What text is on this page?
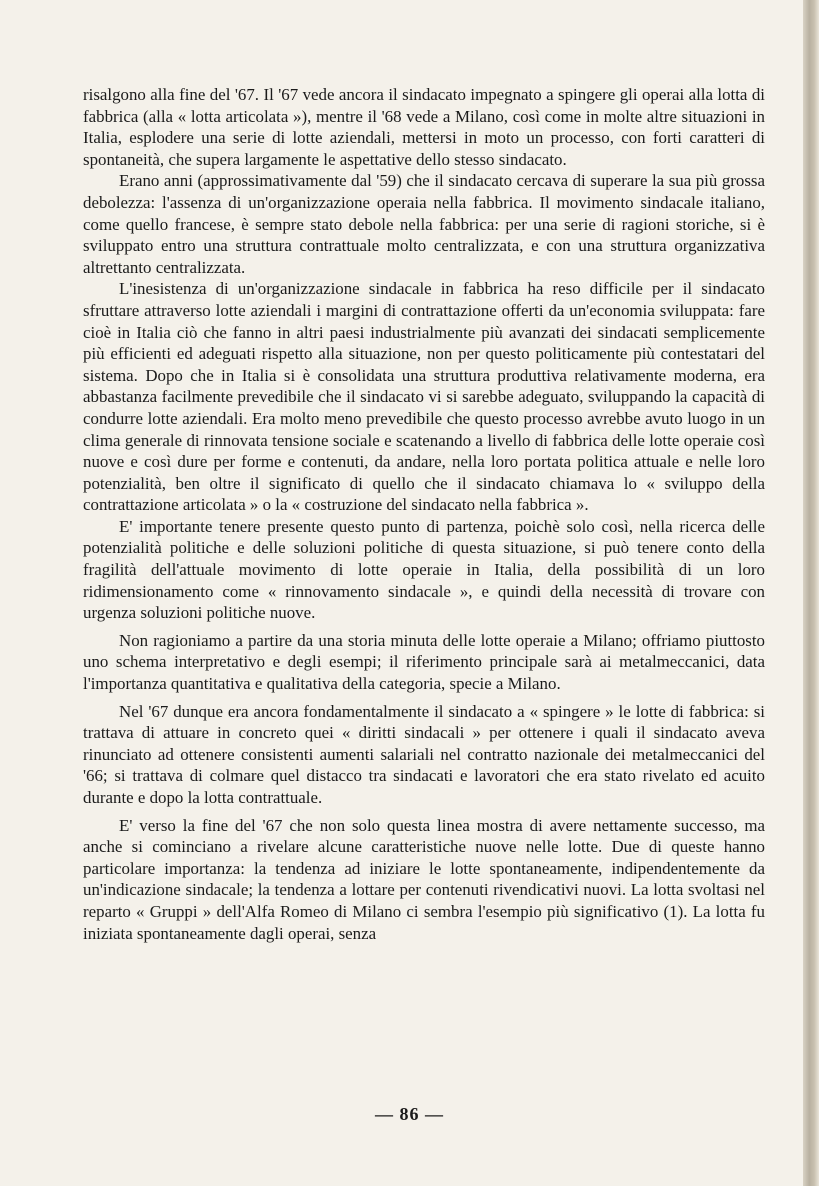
risalgono alla fine del '67. Il '67 vede ancora il sindacato impegnato a spingere gli operai alla lotta di fabbrica (alla « lotta articolata »), mentre il '68 vede a Milano, così come in molte altre situazioni in Italia, esplodere una serie di lotte aziendali, mettersi in moto un processo, con forti caratteri di spontaneità, che supera largamente le aspettative dello stesso sindacato.

Erano anni (approssimativamente dal '59) che il sindacato cercava di superare la sua più grossa debolezza: l'assenza di un'organizzazione operaia nella fabbrica. Il movimento sindacale italiano, come quello francese, è sempre stato debole nella fabbrica: per una serie di ragioni storiche, si è sviluppato entro una struttura contrattuale molto centralizzata, e con una struttura organizzativa altrettanto centralizzata.

L'inesistenza di un'organizzazione sindacale in fabbrica ha reso difficile per il sindacato sfruttare attraverso lotte aziendali i margini di contrattazione offerti da un'economia sviluppata: fare cioè in Italia ciò che fanno in altri paesi industrialmente più avanzati dei sindacati semplicemente più efficienti ed adeguati rispetto alla situazione, non per questo politicamente più contestatari del sistema. Dopo che in Italia si è consolidata una struttura produttiva relativamente moderna, era abbastanza facilmente prevedibile che il sindacato vi si sarebbe adeguato, sviluppando la capacità di condurre lotte aziendali. Era molto meno prevedibile che questo processo avrebbe avuto luogo in un clima generale di rinnovata tensione sociale e scatenando a livello di fabbrica delle lotte operaie così nuove e così dure per forme e contenuti, da andare, nella loro portata politica attuale e nelle loro potenzialità, ben oltre il significato di quello che il sindacato chiamava lo « sviluppo della contrattazione articolata » o la « costruzione del sindacato nella fabbrica ».

E' importante tenere presente questo punto di partenza, poichè solo così, nella ricerca delle potenzialità politiche e delle soluzioni politiche di questa situazione, si può tenere conto della fragilità dell'attuale movimento di lotte operaie in Italia, della possibilità di un loro ridimensionamento come « rinnovamento sindacale », e quindi della necessità di trovare con urgenza soluzioni politiche nuove.

Non ragioniamo a partire da una storia minuta delle lotte operaie a Milano; offriamo piuttosto uno schema interpretativo e degli esempi; il riferimento principale sarà ai metalmeccanici, data l'importanza quantitativa e qualitativa della categoria, specie a Milano.

Nel '67 dunque era ancora fondamentalmente il sindacato a « spingere » le lotte di fabbrica: si trattava di attuare in concreto quei « diritti sindacali » per ottenere i quali il sindacato aveva rinunciato ad ottenere consistenti aumenti salariali nel contratto nazionale dei metalmeccanici del '66; si trattava di colmare quel distacco tra sindacati e lavoratori che era stato rivelato ed acuito durante e dopo la lotta contrattuale.

E' verso la fine del '67 che non solo questa linea mostra di avere nettamente successo, ma anche si cominciano a rivelare alcune caratteristiche nuove nelle lotte. Due di queste hanno particolare importanza: la tendenza ad iniziare le lotte spontaneamente, indipendentemente da un'indicazione sindacale; la tendenza a lottare per contenuti rivendicativi nuovi. La lotta svoltasi nel reparto « Gruppi » dell'Alfa Romeo di Milano ci sembra l'esempio più significativo (1). La lotta fu iniziata spontaneamente dagli operai, senza

— 86 —
